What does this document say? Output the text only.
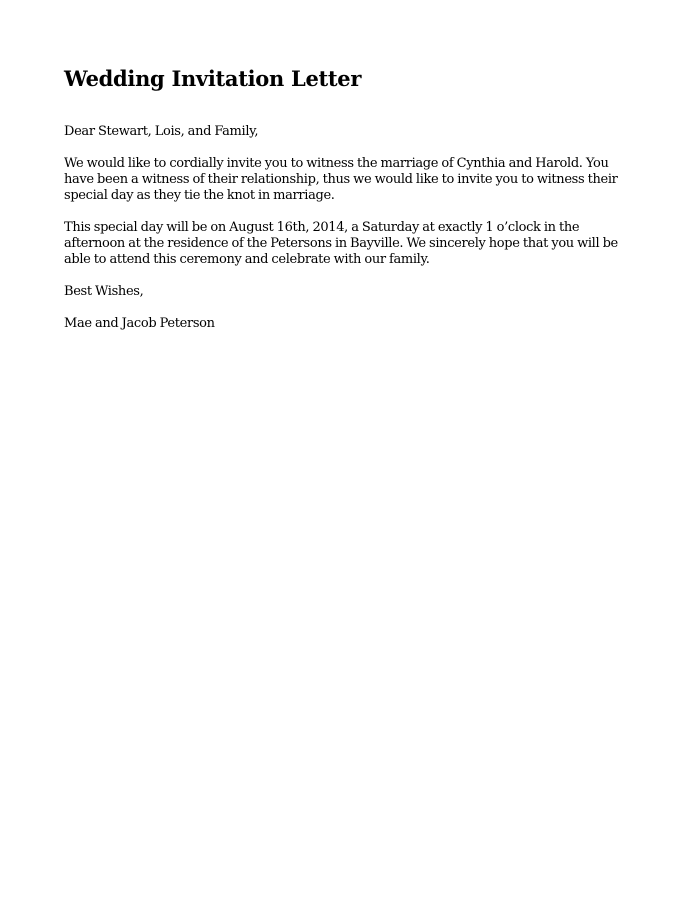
Wedding Invitation Letter

Dear Stewart, Lois, and Family,

We would like to cordially invite you to witness the marriage of Cynthia and Harold. You have been a witness of their relationship, thus we would like to invite you to witness their special day as they tie the knot in marriage.

This special day will be on August 16th, 2014, a Saturday at exactly 1 o’clock in the afternoon at the residence of the Petersons in Bayville. We sincerely hope that you will be able to attend this ceremony and celebrate with our family.

Best Wishes,

Mae and Jacob Peterson
